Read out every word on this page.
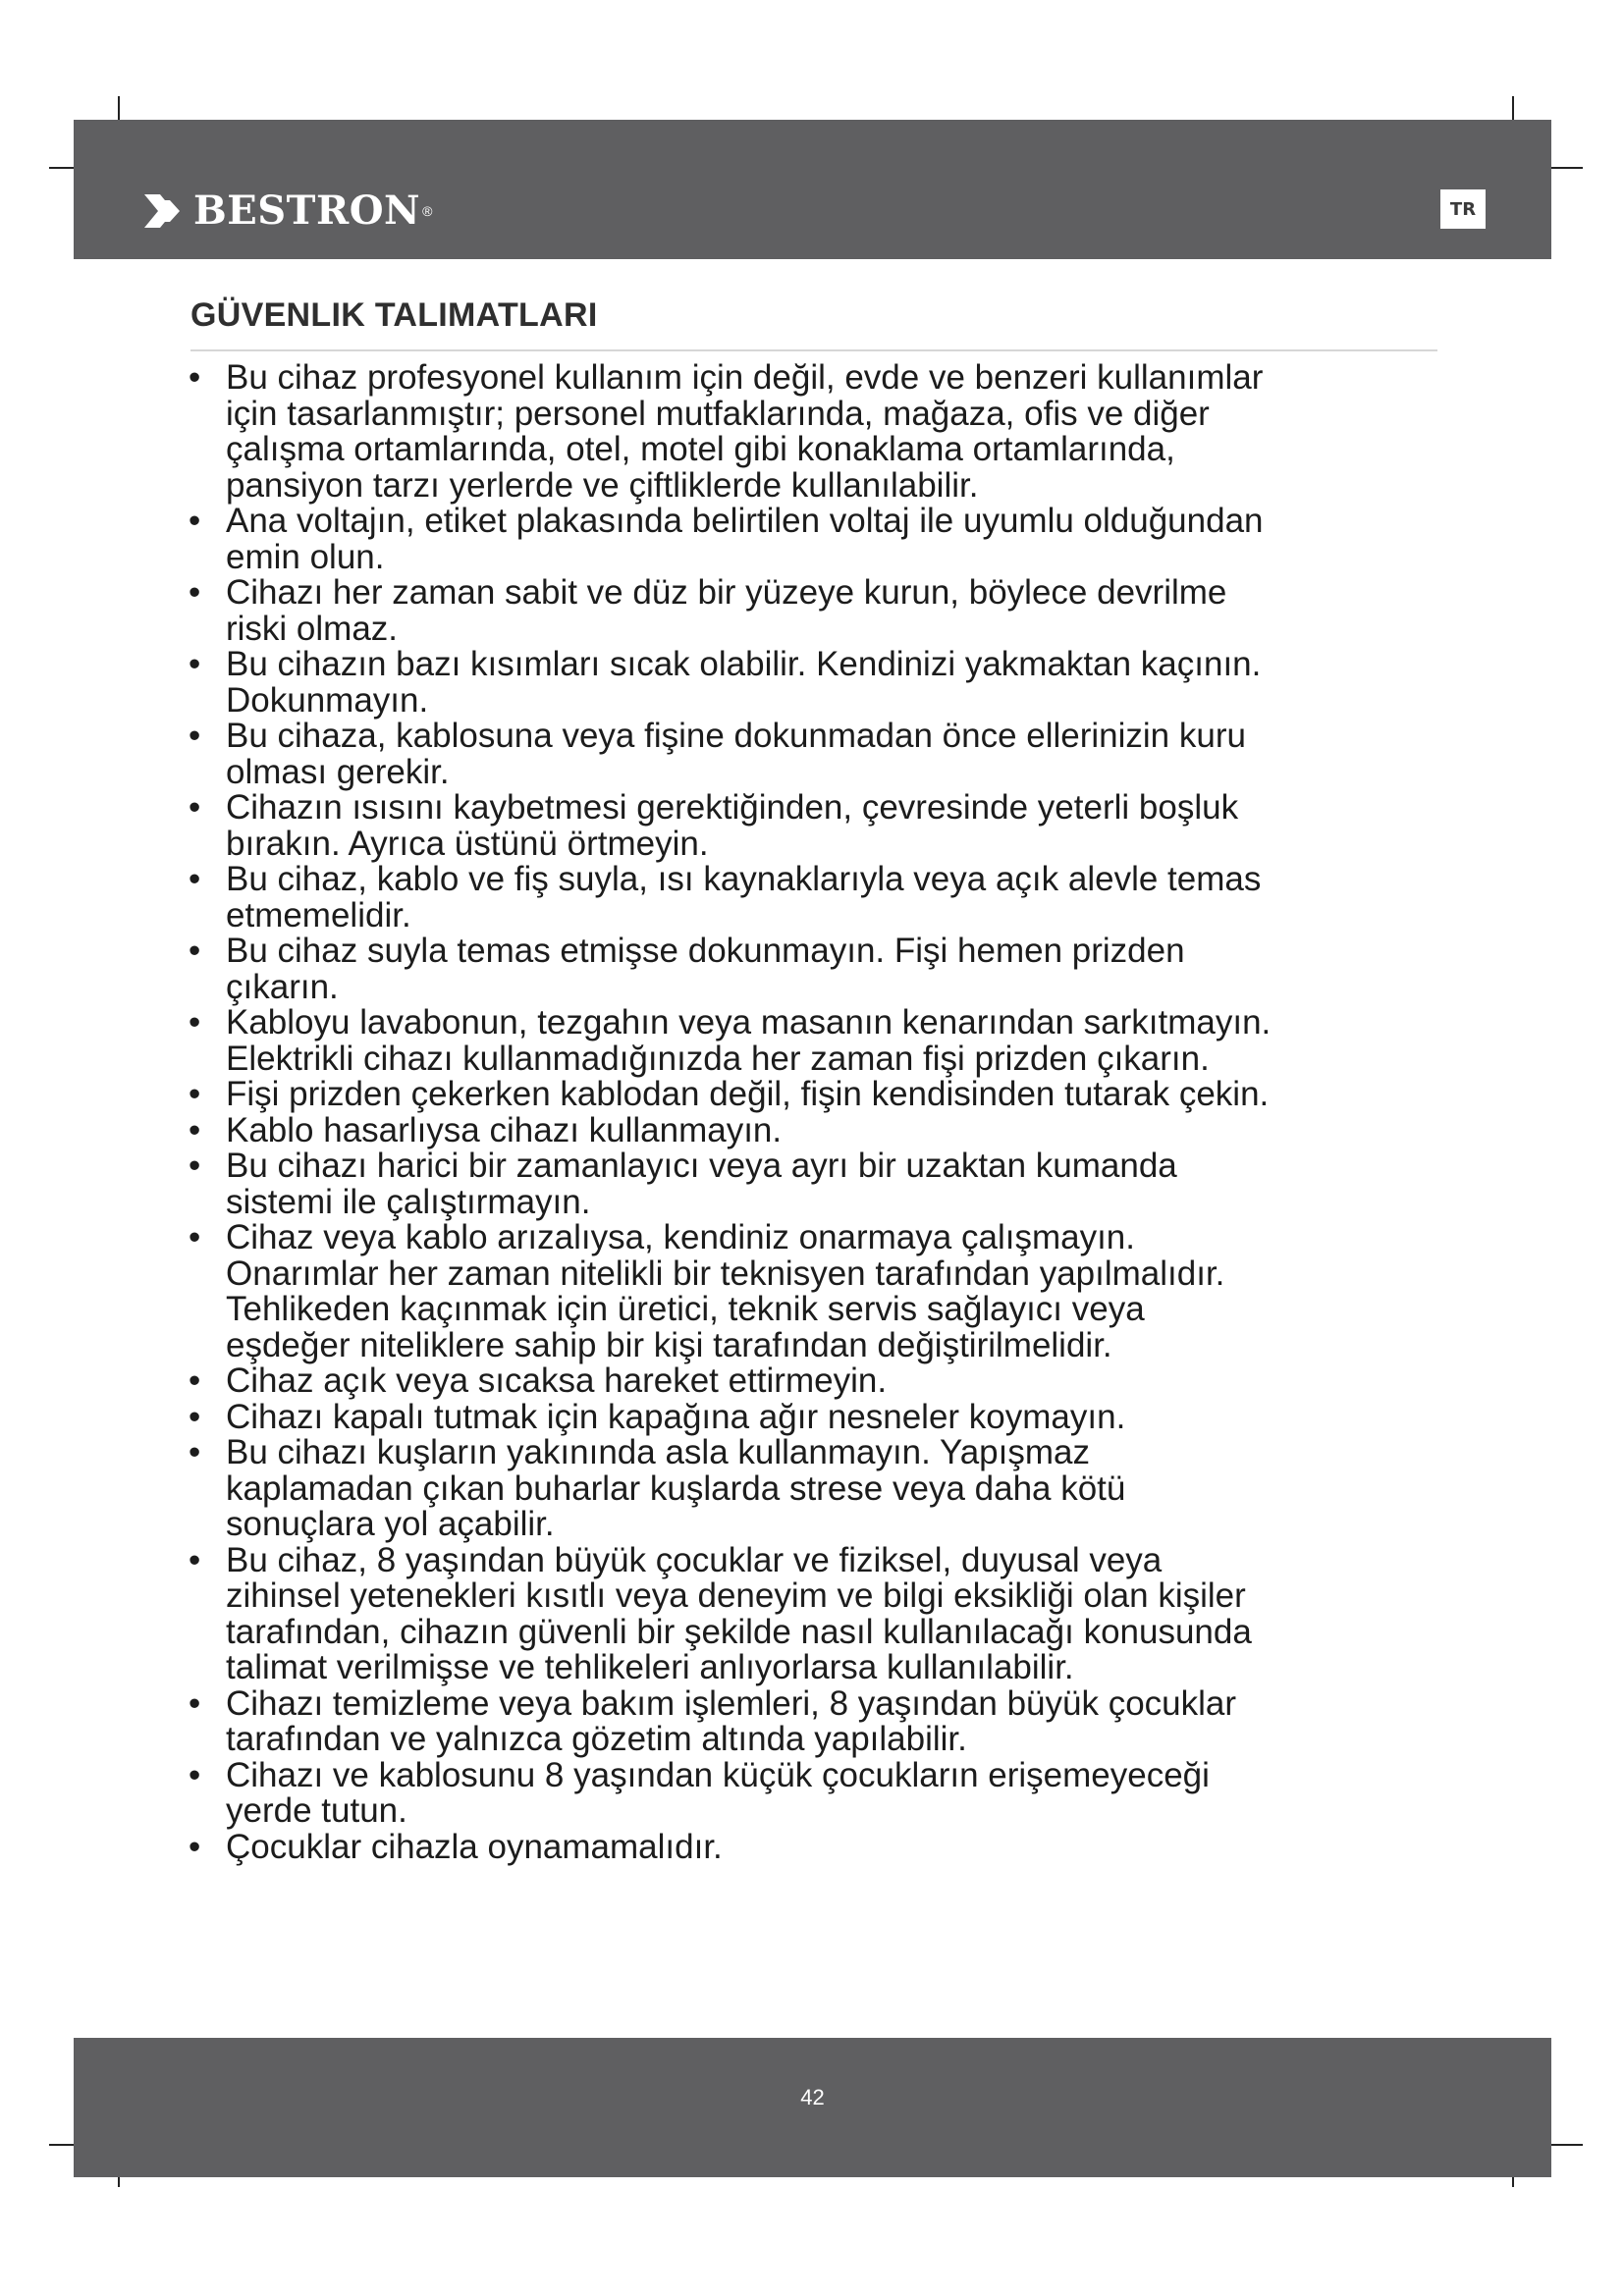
BESTRON ®	TR
GÜVENLIK TALIMATLARI
• Bu cihaz profesyonel kullanım için değil, evde ve benzeri kullanımlar
için tasarlanmıştır; personel mutfaklarında, mağaza, ofis ve diğer
çalışma ortamlarında, otel, motel gibi konaklama ortamlarında,
pansiyon tarzı yerlerde ve çiftliklerde kullanılabilir.
• Ana voltajın, etiket plakasında belirtilen voltaj ile uyumlu olduğundan
emin olun.
• Cihazı her zaman sabit ve düz bir yüzeye kurun, böylece devrilme
riski olmaz.
• Bu cihazın bazı kısımları sıcak olabilir. Kendinizi yakmaktan kaçının.
Dokunmayın.
• Bu cihaza, kablosuna veya fişine dokunmadan önce ellerinizin kuru
olması gerekir.
• Cihazın ısısını kaybetmesi gerektiğinden, çevresinde yeterli boşluk
bırakın. Ayrıca üstünü örtmeyin.
• Bu cihaz, kablo ve fiş suyla, ısı kaynaklarıyla veya açık alevle temas
etmemelidir.
• Bu cihaz suyla temas etmişse dokunmayın. Fişi hemen prizden
çıkarın.
• Kabloyu lavabonun, tezgahın veya masanın kenarından sarkıtmayın.
Elektrikli cihazı kullanmadığınızda her zaman fişi prizden çıkarın.
• Fişi prizden çekerken kablodan değil, fişin kendisinden tutarak çekin.
• Kablo hasarlıysa cihazı kullanmayın.
• Bu cihazı harici bir zamanlayıcı veya ayrı bir uzaktan kumanda
sistemi ile çalıştırmayın.
• Cihaz veya kablo arızalıysa, kendiniz onarmaya çalışmayın.
Onarımlar her zaman nitelikli bir teknisyen tarafından yapılmalıdır.
Tehlikeden kaçınmak için üretici, teknik servis sağlayıcı veya
eşdeğer niteliklere sahip bir kişi tarafından değiştirilmelidir.
• Cihaz açık veya sıcaksa hareket ettirmeyin.
• Cihazı kapalı tutmak için kapağına ağır nesneler koymayın.
• Bu cihazı kuşların yakınında asla kullanmayın. Yapışmaz
kaplamadan çıkan buharlar kuşlarda strese veya daha kötü
sonuçlara yol açabilir.
• Bu cihaz, 8 yaşından büyük çocuklar ve fiziksel, duyusal veya
zihinsel yetenekleri kısıtlı veya deneyim ve bilgi eksikliği olan kişiler
tarafından, cihazın güvenli bir şekilde nasıl kullanılacağı konusunda
talimat verilmişse ve tehlikeleri anlıyorlarsa kullanılabilir.
• Cihazı temizleme veya bakım işlemleri, 8 yaşından büyük çocuklar
tarafından ve yalnızca gözetim altında yapılabilir.
• Cihazı ve kablosunu 8 yaşından küçük çocukların erişemeyeceği
yerde tutun.
• Çocuklar cihazla oynamamalıdır.
42
